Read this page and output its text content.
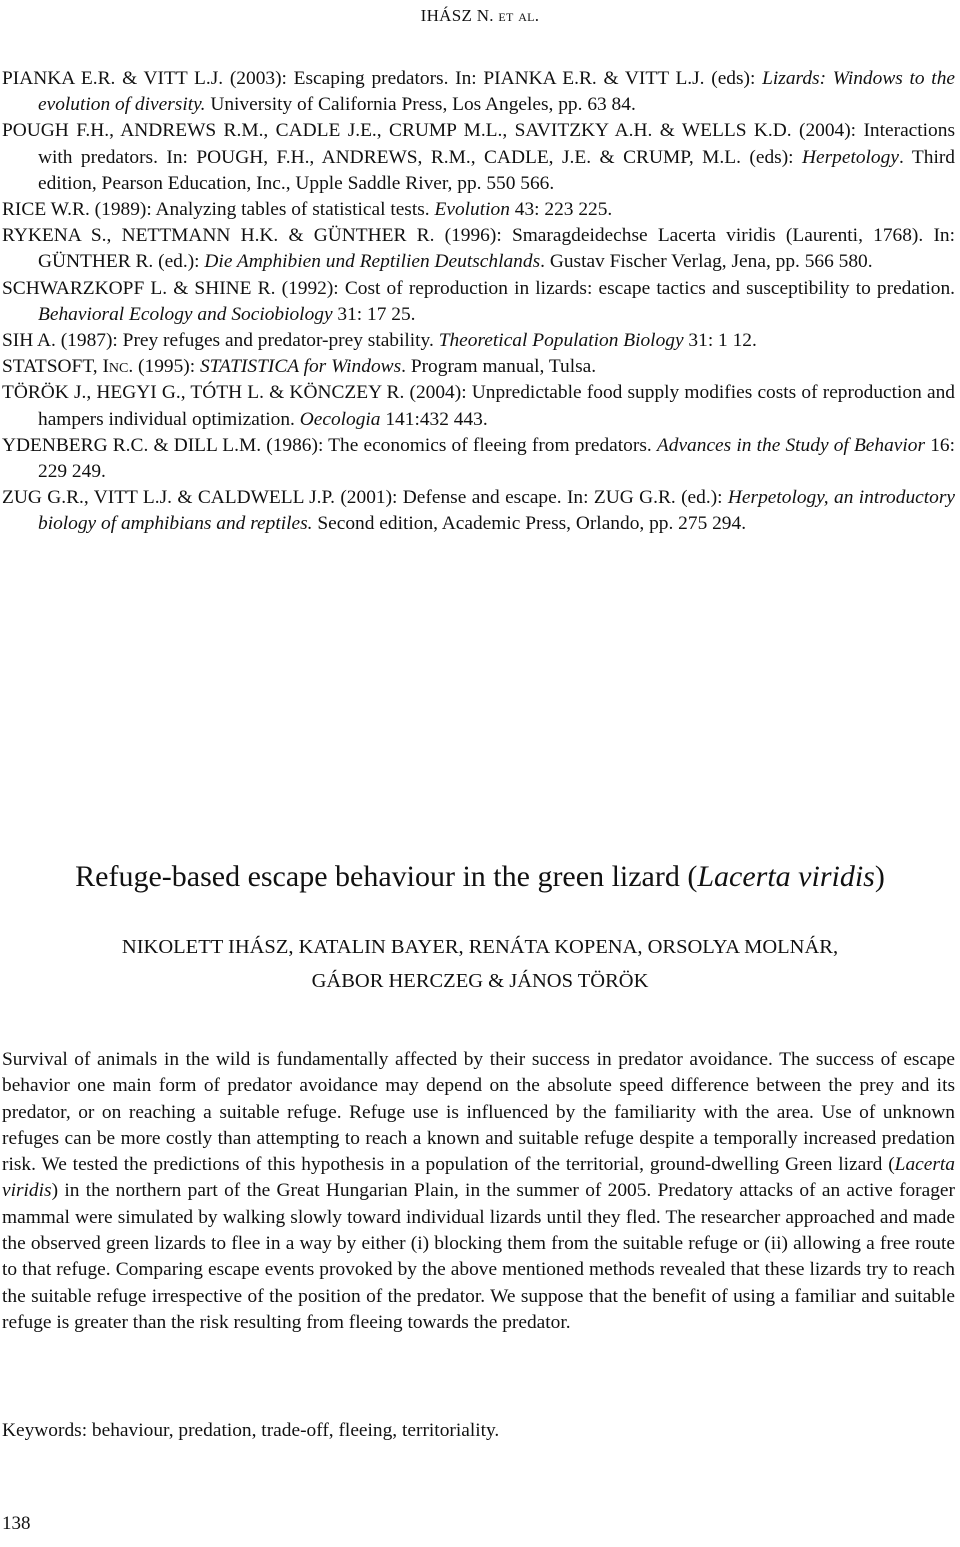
IHÁSZ N. et al.

PIANKA E.R. & VITT L.J. (2003): Escaping predators. In: PIANKA E.R. & VITT L.J. (eds): Lizards: Windows to the evolution of diversity. University of California Press, Los Angeles, pp. 63 84.

POUGH F.H., ANDREWS R.M., CADLE J.E., CRUMP M.L., SAVITZKY A.H. & WELLS K.D. (2004): Interactions with predators. In: POUGH, F.H., ANDREWS, R.M., CADLE, J.E. & CRUMP, M.L. (eds): Herpetology. Third edition, Pearson Education, Inc., Upple Saddle River, pp. 550 566.

RICE W.R. (1989): Analyzing tables of statistical tests. Evolution 43: 223 225.

RYKENA S., NETTMANN H.K. & GÜNTHER R. (1996): Smaragdeidechse Lacerta viridis (Laurenti, 1768). In: GÜNTHER R. (ed.): Die Amphibien und Reptilien Deutschlands. Gustav Fischer Verlag, Jena, pp. 566 580.

SCHWARZKOPF L. & SHINE R. (1992): Cost of reproduction in lizards: escape tactics and susceptibility to predation. Behavioral Ecology and Sociobiology 31: 17 25.

SIH A. (1987): Prey refuges and predator-prey stability. Theoretical Population Biology 31: 1 12.

STATSOFT, Inc. (1995): STATISTICA for Windows. Program manual, Tulsa.

TÖRÖK J., HEGYI G., TÓTH L. & KÖNCZEY R. (2004): Unpredictable food supply modifies costs of reproduction and hampers individual optimization. Oecologia 141:432 443.

YDENBERG R.C. & DILL L.M. (1986): The economics of fleeing from predators. Advances in the Study of Behavior 16: 229 249.

ZUG G.R., VITT L.J. & CALDWELL J.P. (2001): Defense and escape. In: ZUG G.R. (ed.): Herpetology, an introductory biology of amphibians and reptiles. Second edition, Academic Press, Orlando, pp. 275 294.

Refuge-based escape behaviour in the green lizard (Lacerta viridis)
NIKOLETT IHÁSZ, KATALIN BAYER, RENÁTA KOPENA, ORSOLYA MOLNÁR,
GÁBOR HERCZEG & JÁNOS TÖRÖK

Survival of animals in the wild is fundamentally affected by their success in predator avoidance. The success of escape behavior one main form of predator avoidance may depend on the absolute speed difference between the prey and its predator, or on reaching a suitable refuge. Refuge use is influenced by the familiarity with the area. Use of unknown refuges can be more costly than attempting to reach a known and suitable refuge despite a temporally increased predation risk. We tested the predictions of this hypothesis in a population of the territorial, ground-dwelling Green lizard (Lacerta viridis) in the northern part of the Great Hungarian Plain, in the summer of 2005. Predatory attacks of an active forager mammal were simulated by walking slowly toward individual lizards until they fled. The researcher approached and made the observed green lizards to flee in a way by either (i) blocking them from the suitable refuge or (ii) allowing a free route to that refuge. Comparing escape events provoked by the above mentioned methods revealed that these lizards try to reach the suitable refuge irrespective of the position of the predator. We suppose that the benefit of using a familiar and suitable refuge is greater than the risk resulting from fleeing towards the predator.

Keywords: behaviour, predation, trade-off, fleeing, territoriality.

138
